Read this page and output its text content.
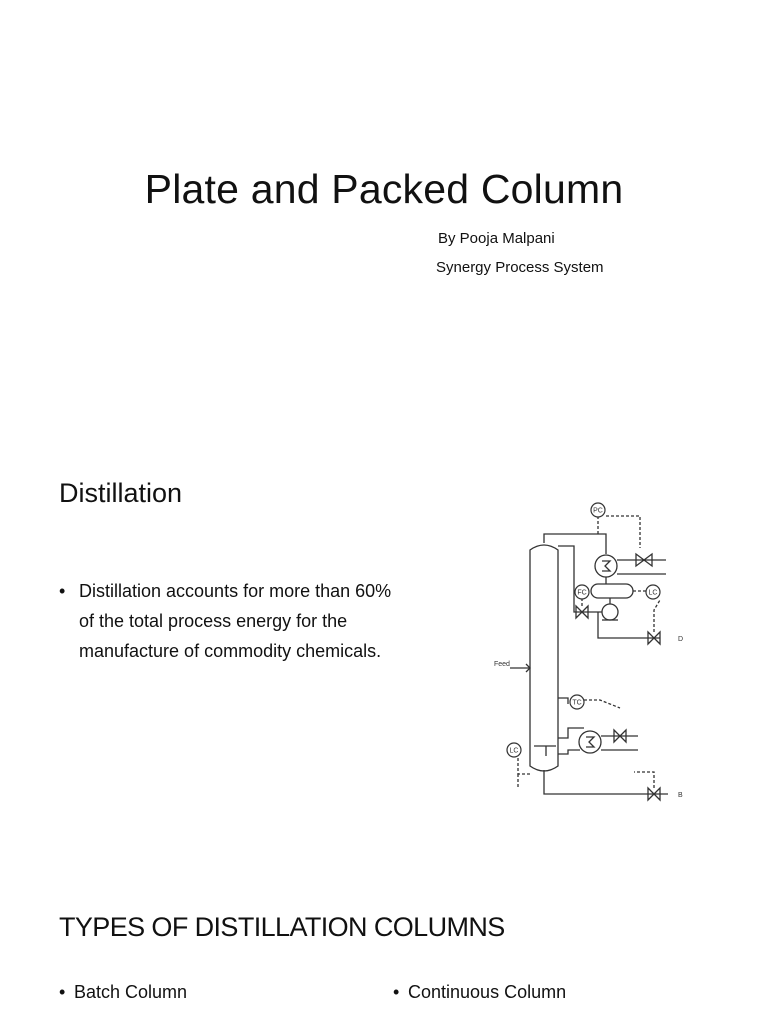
Plate and Packed Column
By Pooja Malpani
Synergy Process System
Distillation
• Distillation accounts for more than 60%
of the total process energy for the
manufacture of commodity chemicals.
PC
FC	LC
TC
LC
Feed
D
B
TYPES OF DISTILLATION COLUMNS
• Batch Column	• Continuous Column
